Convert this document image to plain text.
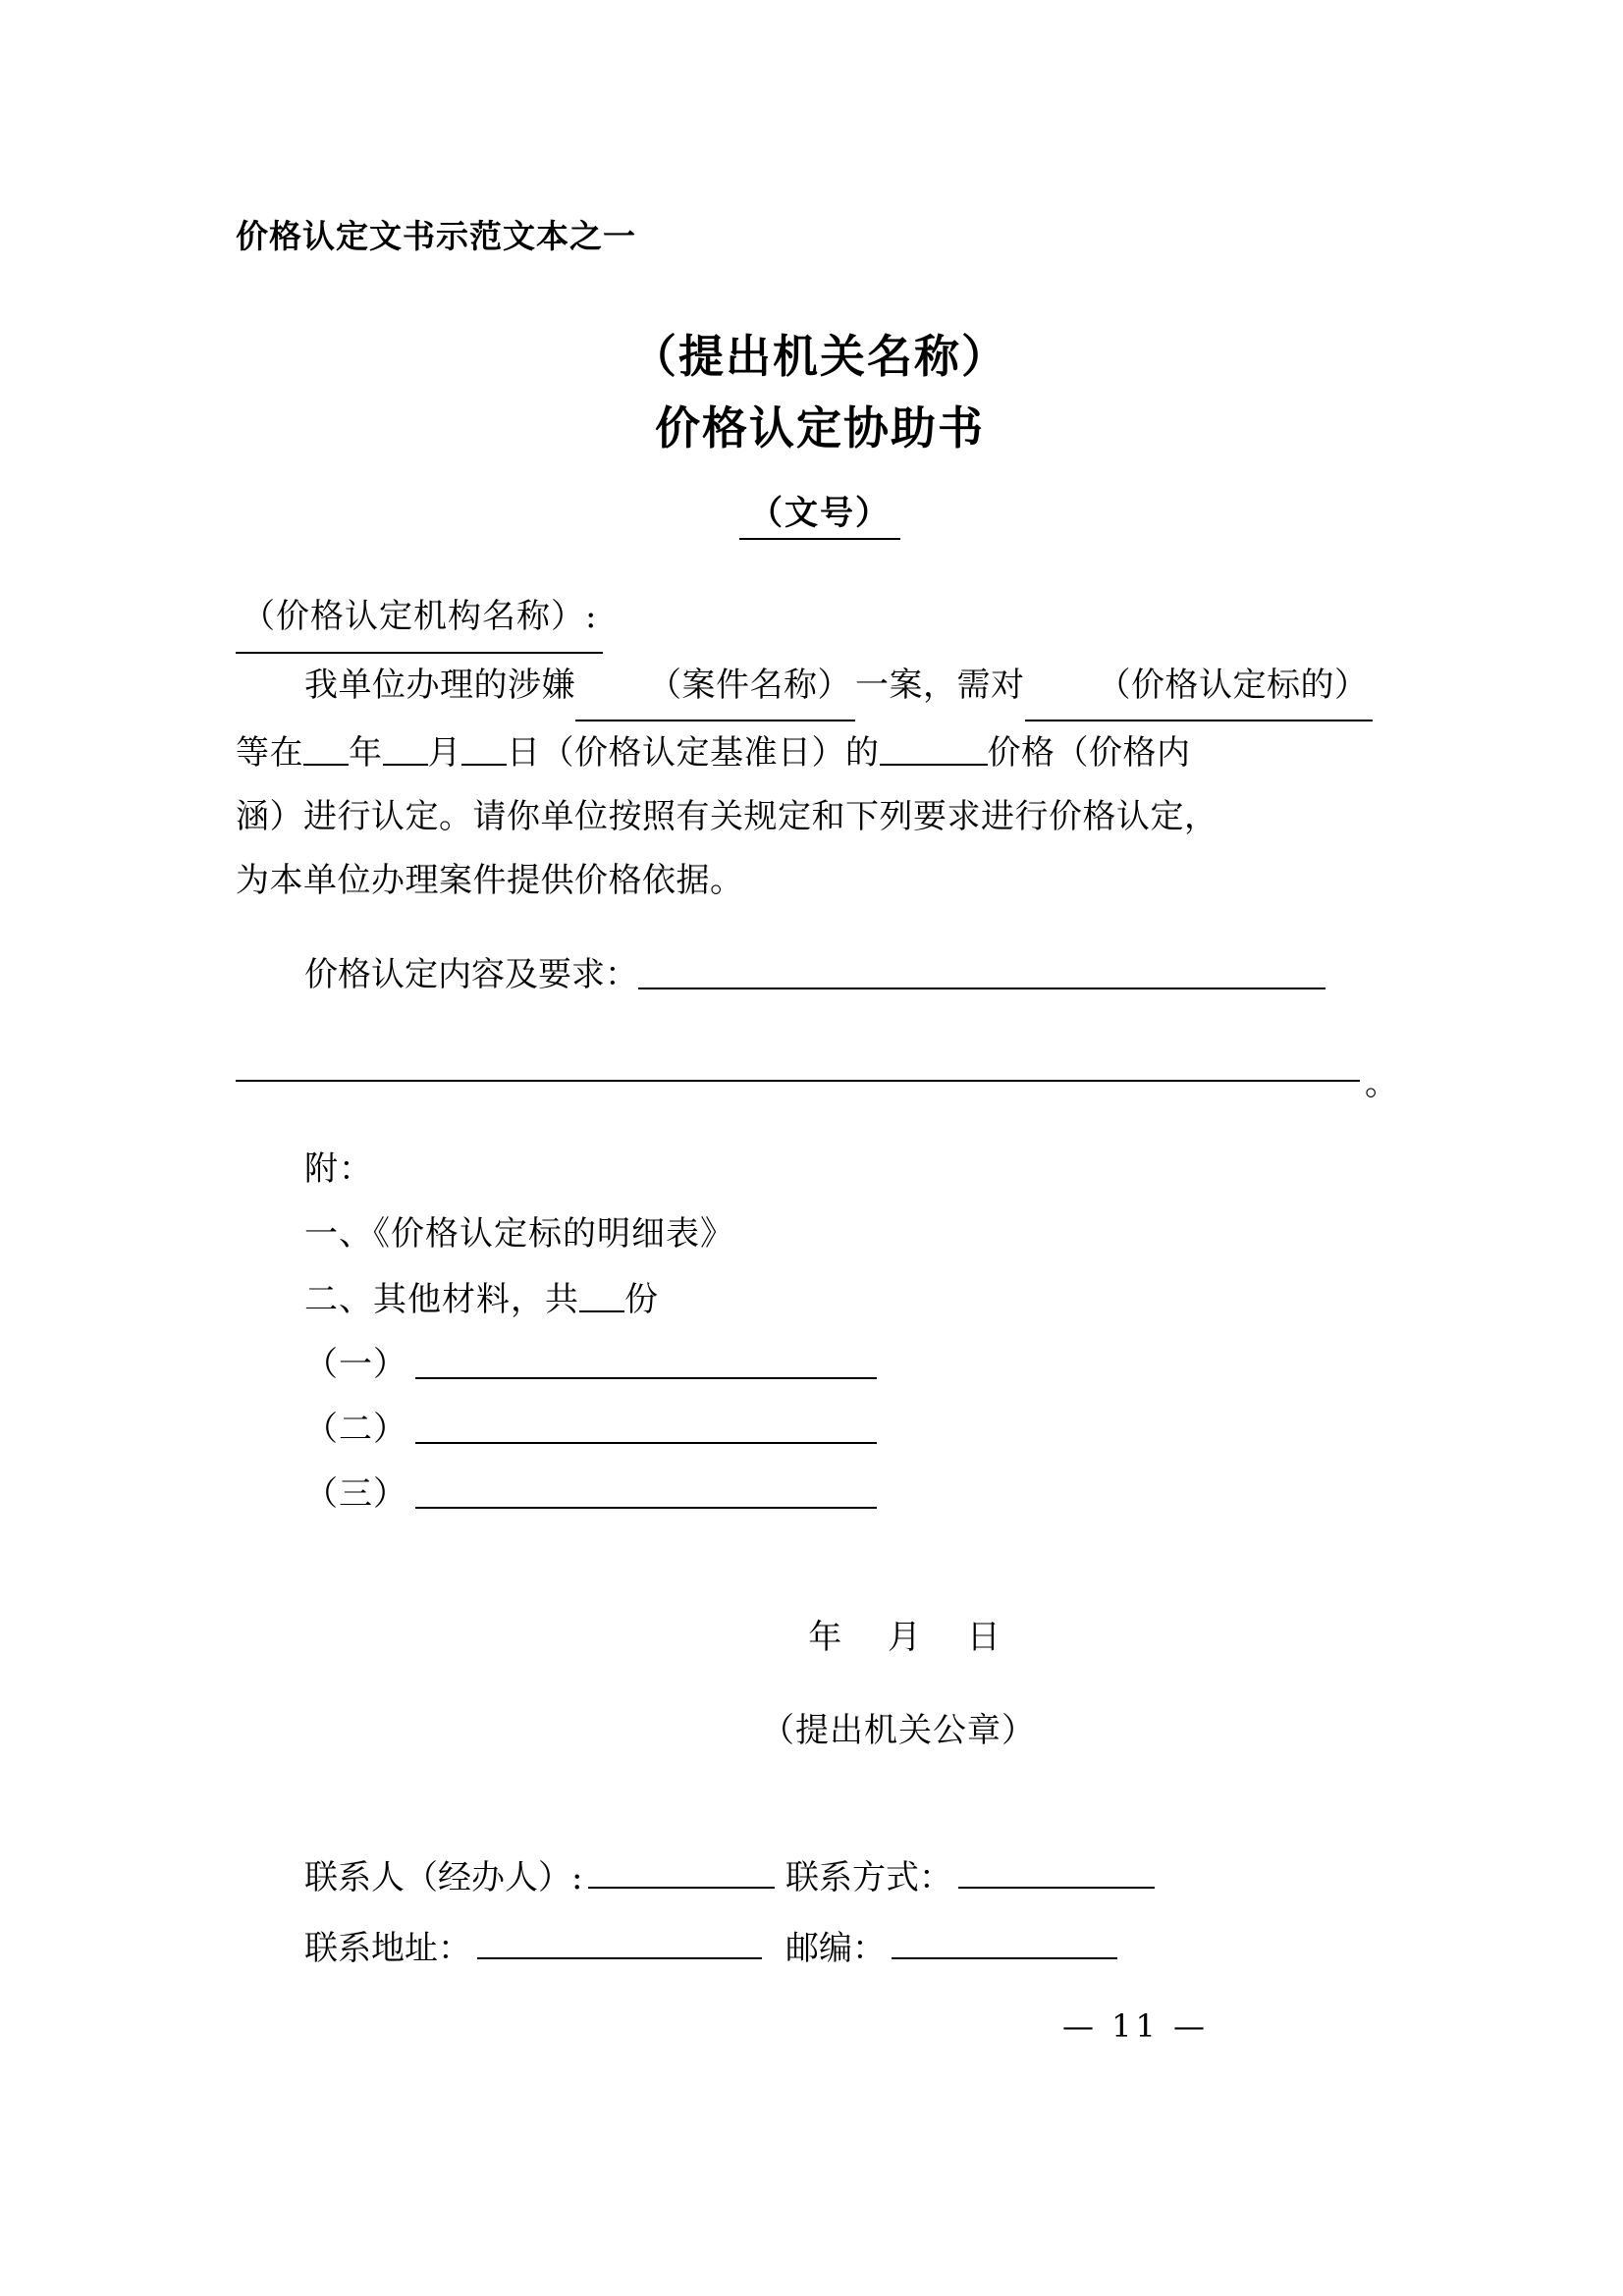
价格认定文书示范文本之一
（提出机关名称）
价格认定协助书
（文号）
（价格认定机构名称）:
我单位办理的涉嫌 （案件名称） 一案，需对 （价格认定标的）
等在 年 月 日（价格认定基准日）的	价格（价格内
涵）进行认定。请你单位按照有关规定和下列要求进行价格认定，
为本单位办理案件提供价格依据。
价格认定内容及要求：
。
附：
一、《价格认定标的明细表》
二、其他材料，共 份
（一）
（二）
（三）
年 月 日
（提出机关公章）
联系人（经办人）:	联系方式：
联系地址：	邮编：
— 11 —
